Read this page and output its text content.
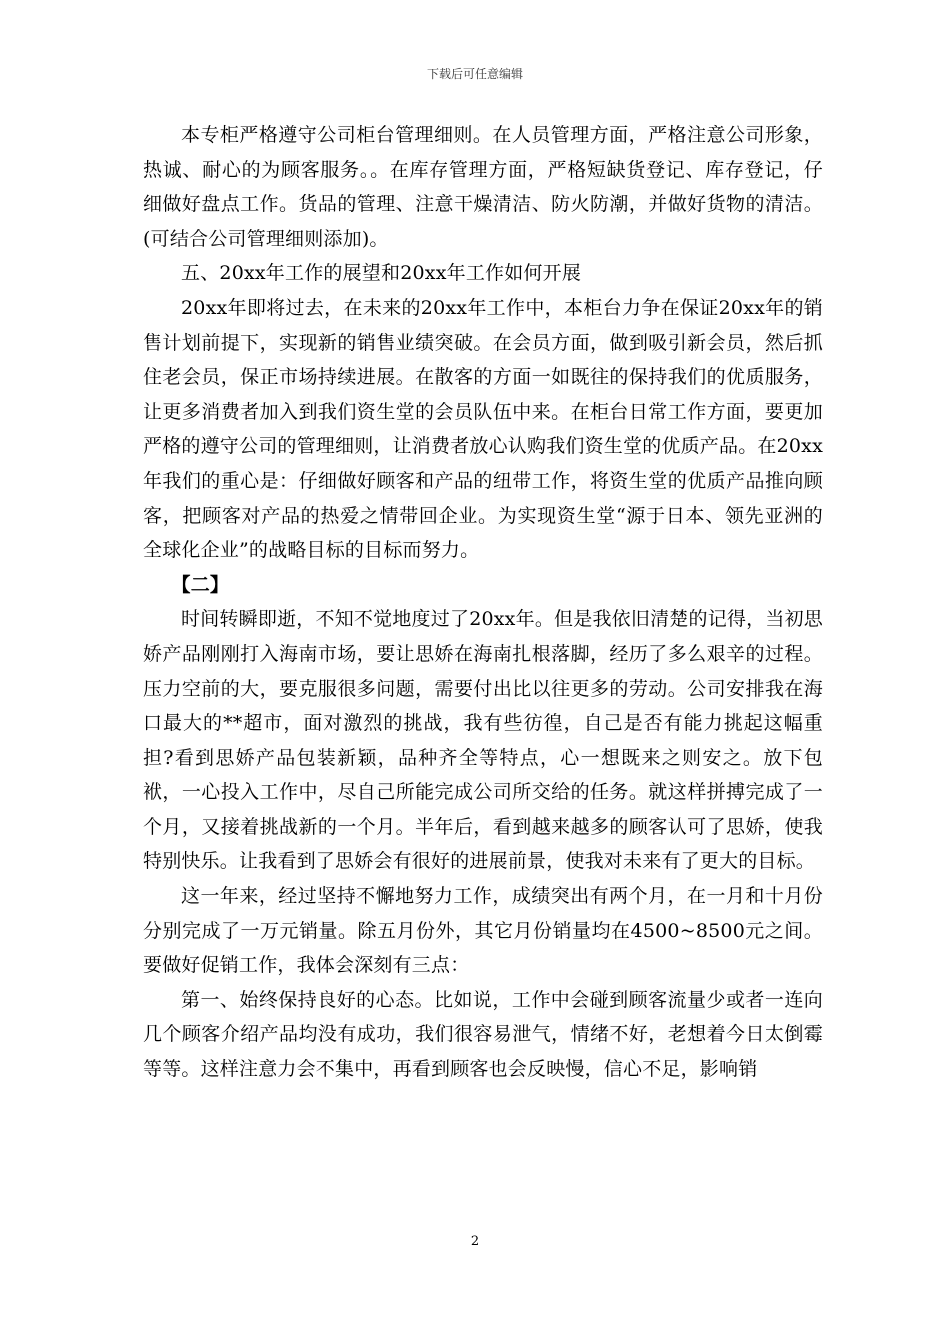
下载后可任意编辑

本专柜严格遵守公司柜台管理细则。在人员管理方面，严格注意公司形象，热诚、耐心的为顾客服务。。在库存管理方面，严格短缺货登记、库存登记，仔细做好盘点工作。货品的管理、注意干燥清洁、防火防潮，并做好货物的清洁。(可结合公司管理细则添加)。

五、20xx年工作的展望和20xx年工作如何开展

20xx年即将过去，在未来的20xx年工作中，本柜台力争在保证20xx年的销售计划前提下，实现新的销售业绩突破。在会员方面，做到吸引新会员，然后抓住老会员，保正市场持续进展。在散客的方面一如既往的保持我们的优质服务，让更多消费者加入到我们资生堂的会员队伍中来。在柜台日常工作方面，要更加严格的遵守公司的管理细则，让消费者放心认购我们资生堂的优质产品。在20xx年我们的重心是：仔细做好顾客和产品的纽带工作，将资生堂的优质产品推向顾客，把顾客对产品的热爱之情带回企业。为实现资生堂“源于日本、领先亚洲的全球化企业”的战略目标的目标而努力。

【二】

时间转瞬即逝，不知不觉地度过了20xx年。但是我依旧清楚的记得，当初思娇产品刚刚打入海南市场，要让思娇在海南扎根落脚，经历了多么艰辛的过程。压力空前的大，要克服很多问题，需要付出比以往更多的劳动。公司安排我在海口最大的**超市，面对激烈的挑战，我有些彷徨，自己是否有能力挑起这幅重担?看到思娇产品包装新颖，品种齐全等特点，心一想既来之则安之。放下包袱，一心投入工作中，尽自己所能完成公司所交给的任务。就这样拼搏完成了一个月，又接着挑战新的一个月。半年后，看到越来越多的顾客认可了思娇，使我特别快乐。让我看到了思娇会有很好的进展前景，使我对未来有了更大的目标。

这一年来，经过坚持不懈地努力工作，成绩突出有两个月，在一月和十月份分别完成了一万元销量。除五月份外，其它月份销量均在4500~8500元之间。要做好促销工作，我体会深刻有三点：

第一、始终保持良好的心态。比如说，工作中会碰到顾客流量少或者一连向几个顾客介绍产品均没有成功，我们很容易泄气，情绪不好，老想着今日太倒霉等等。这样注意力会不集中，再看到顾客也会反映慢，信心不足，影响销

2
